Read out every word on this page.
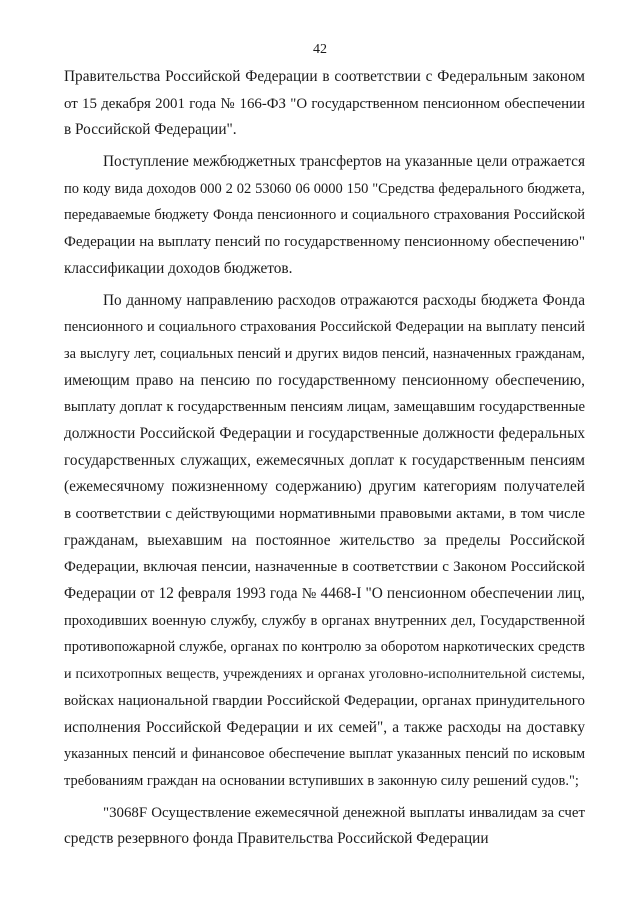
42
Правительства Российской Федерации в соответствии с Федеральным законом
от 15 декабря 2001 года № 166-ФЗ "О государственном пенсионном обеспечении
в Российской Федерации".
Поступление межбюджетных трансфертов на указанные цели отражается
по коду вида доходов 000 2 02 53060 06 0000 150 "Средства федерального бюджета,
передаваемые бюджету Фонда пенсионного и социального страхования Российской
Федерации на выплату пенсий по государственному пенсионному обеспечению"
классификации доходов бюджетов.
По данному направлению расходов отражаются расходы бюджета Фонда
пенсионного и социального страхования Российской Федерации на выплату пенсий
за выслугу лет, социальных пенсий и других видов пенсий, назначенных гражданам,
имеющим право на пенсию по государственному пенсионному обеспечению,
выплату доплат к государственным пенсиям лицам, замещавшим государственные
должности Российской Федерации и государственные должности федеральных
государственных служащих, ежемесячных доплат к государственным пенсиям
(ежемесячному пожизненному содержанию) другим категориям получателей
в соответствии с действующими нормативными правовыми актами, в том числе
гражданам, выехавшим на постоянное жительство за пределы Российской
Федерации, включая пенсии, назначенные в соответствии с Законом Российской
Федерации от 12 февраля 1993 года № 4468-I "О пенсионном обеспечении лиц,
проходивших военную службу, службу в органах внутренних дел, Государственной
противопожарной службе, органах по контролю за оборотом наркотических средств
и психотропных веществ, учреждениях и органах уголовно-исполнительной системы,
войсках национальной гвардии Российской Федерации, органах принудительного
исполнения Российской Федерации и их семей", а также расходы на доставку
указанных пенсий и финансовое обеспечение выплат указанных пенсий по исковым
требованиям граждан на основании вступивших в законную силу решений судов.";
"3068F Осуществление ежемесячной денежной выплаты инвалидам за счет
средств резервного фонда Правительства Российской Федерации
